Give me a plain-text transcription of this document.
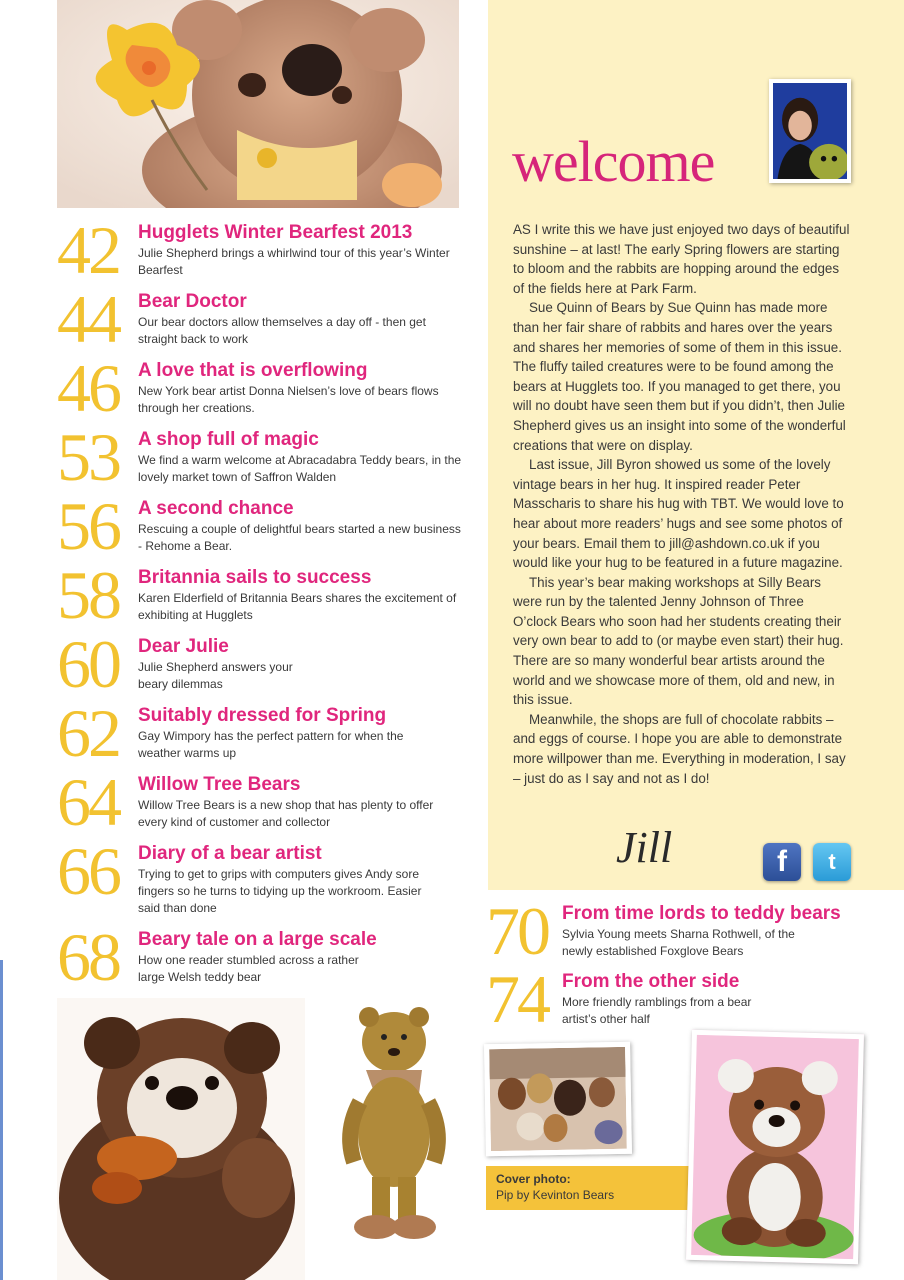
42 Hugglets Winter Bearfest 2013
Julie Shepherd brings a whirlwind tour of this year’s Winter Bearfest
44 Bear Doctor
Our bear doctors allow themselves a day off - then get straight back to work
46 A love that is overflowing
New York bear artist Donna Nielsen’s love of bears flows through her creations.
53 A shop full of magic
We find a warm welcome at Abracadabra Teddy bears, in the lovely market town of Saffron Walden
56 A second chance
Rescuing a couple of delightful bears started a new business - Rehome a Bear.
58 Britannia sails to success
Karen Elderfield of Britannia Bears shares the excitement of exhibiting at Hugglets
60 Dear Julie
Julie Shepherd answers your beary dilemmas
62 Suitably dressed for Spring
Gay Wimpory has the perfect pattern for when the weather warms up
64 Willow Tree Bears
Willow Tree Bears is a new shop that has plenty to offer every kind of customer and collector
66 Diary of a bear artist
Trying to get to grips with computers gives Andy sore fingers so he turns to tidying up the workroom. Easier said than done
68 Beary tale on a large scale
How one reader stumbled across a rather large Welsh teddy bear
welcome

AS I write this we have just enjoyed two days of beautiful sunshine – at last! The early Spring flowers are starting to bloom and the rabbits are hopping around the edges of the fields here at Park Farm.

Sue Quinn of Bears by Sue Quinn has made more than her fair share of rabbits and hares over the years and shares her memories of some of them in this issue. The fluffy tailed creatures were to be found among the bears at Hugglets too. If you managed to get there, you will no doubt have seen them but if you didn’t, then Julie Shepherd gives us an insight into some of the wonderful creations that were on display.

Last issue, Jill Byron showed us some of the lovely vintage bears in her hug. It inspired reader Peter Masscharis to share his hug with TBT. We would love to hear about more readers’ hugs and see some photos of your bears. Email them to jill@ashdown.co.uk if you would like your hug to be featured in a future magazine.

This year’s bear making workshops at Silly Bears were run by the talented Jenny Johnson of Three O’clock Bears who soon had her students creating their very own bear to add to (or maybe even start) their hug. There are so many wonderful bear artists around the world and we showcase more of them, old and new, in this issue.

Meanwhile, the shops are full of chocolate rabbits – and eggs of course. I hope you are able to demonstrate more willpower than me. Everything in moderation, I say – just do as I say and not as I do!

Jill	f	t
70 From time lords to teddy bears
Sylvia Young meets Sharna Rothwell, of the newly established Foxglove Bears
74 From the other side
More friendly ramblings from a bear artist’s other half
Cover photo:
Pip by Kevinton Bears
